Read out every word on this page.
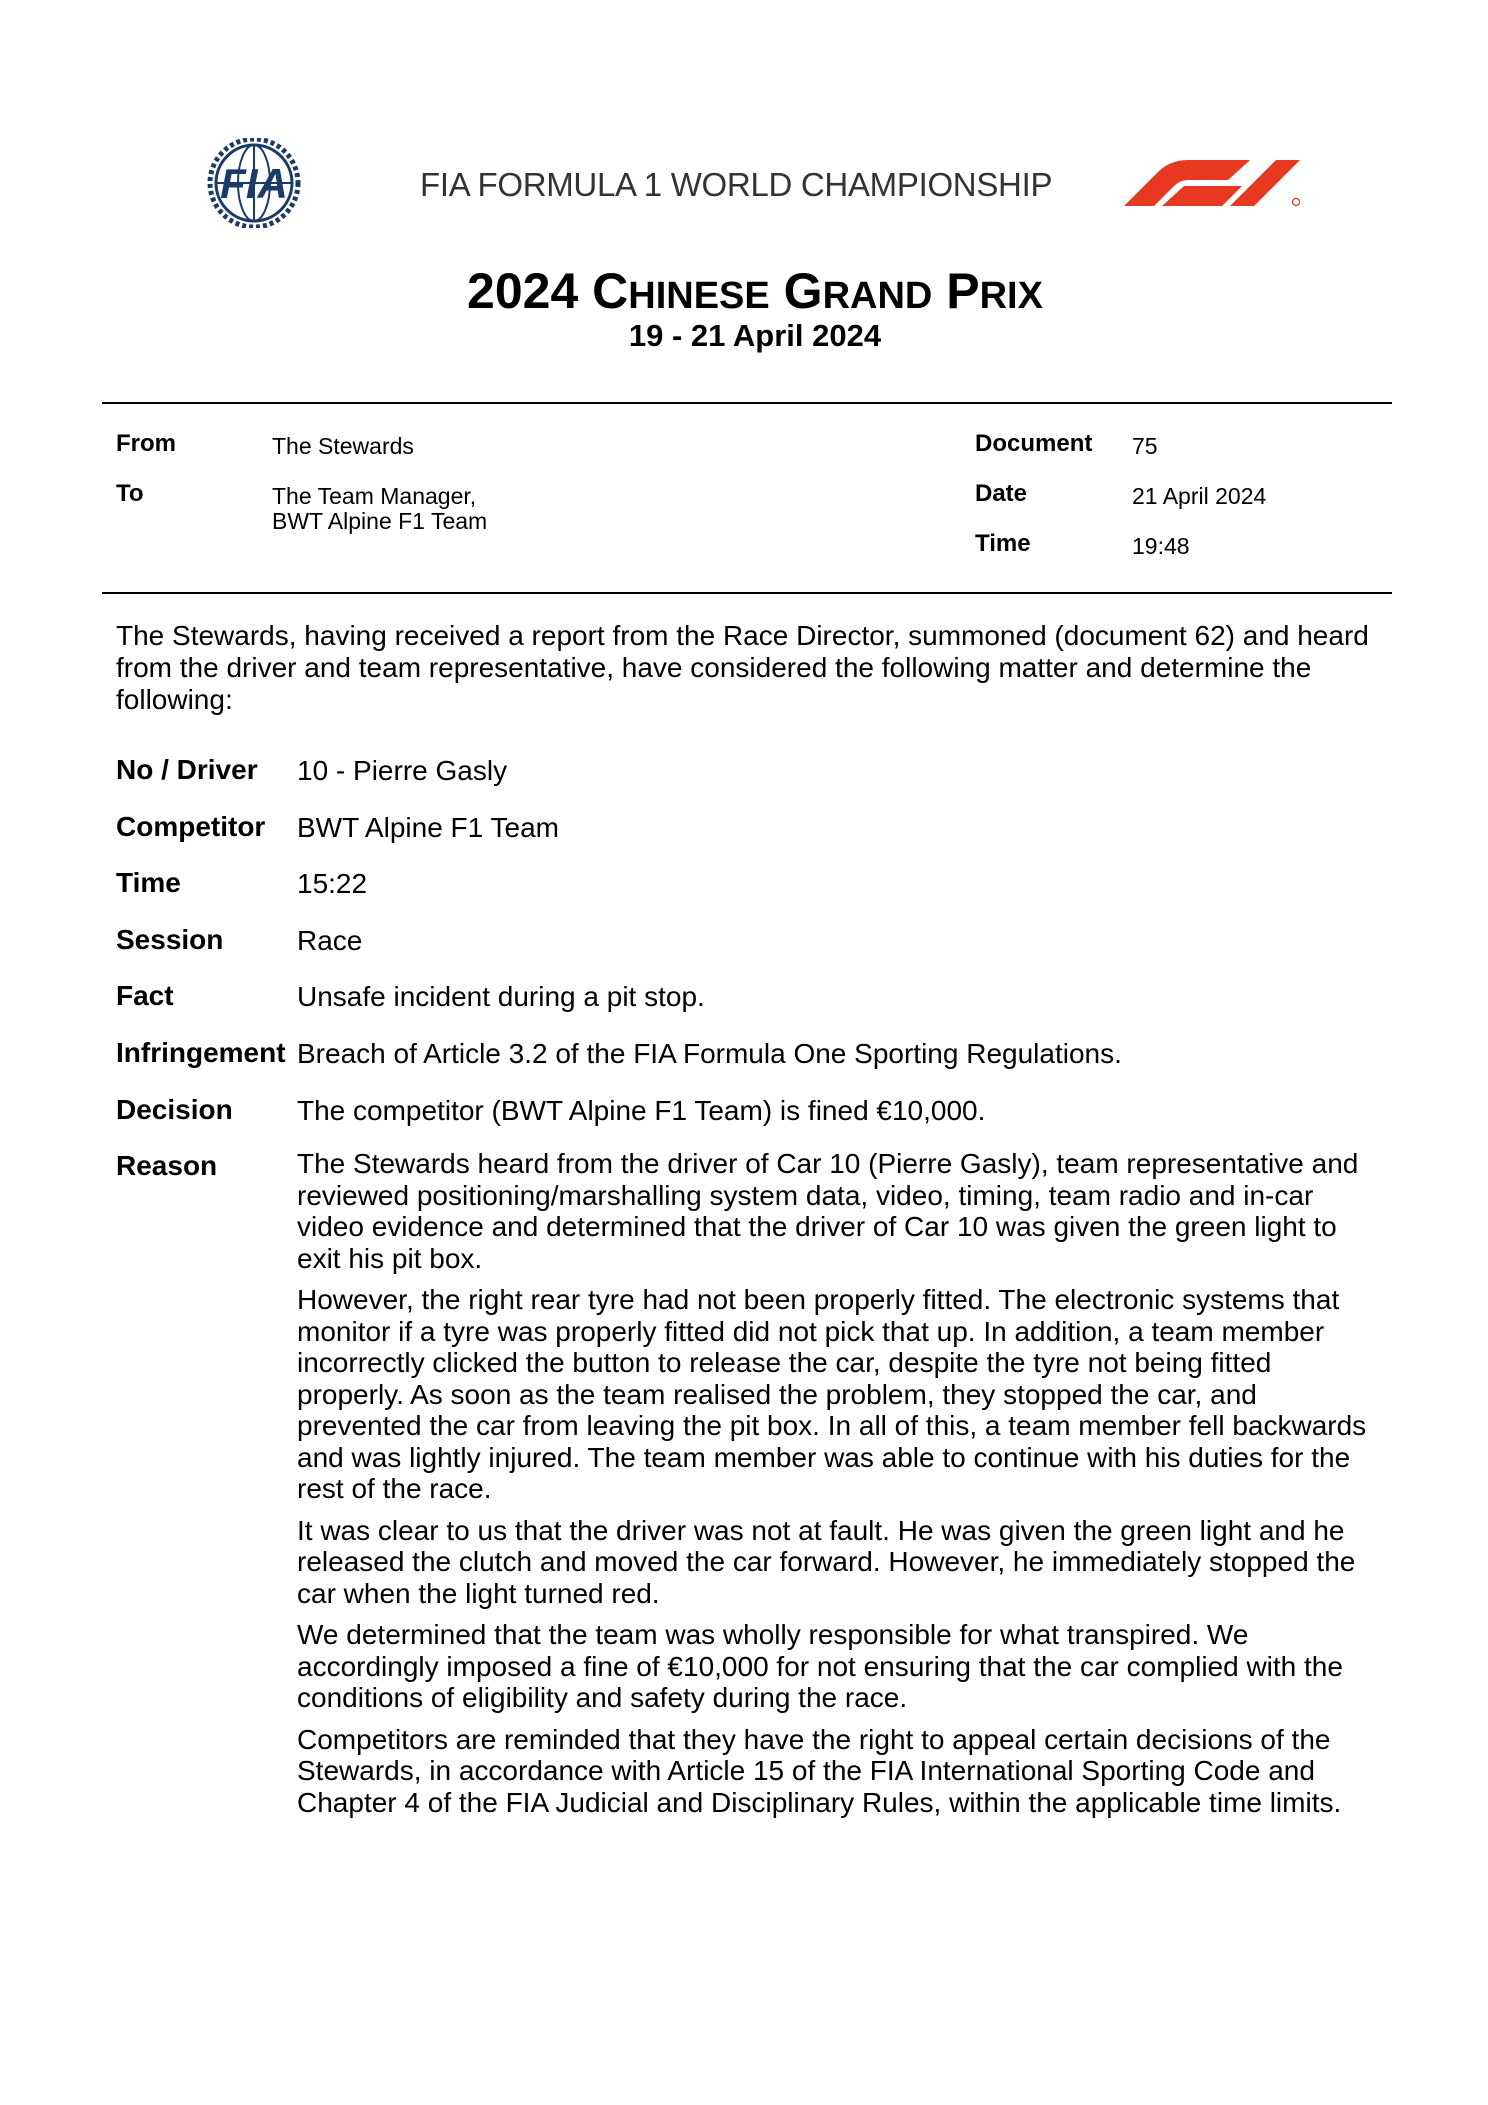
FIA	FIA FORMULA 1 WORLD CHAMPIONSHIP
2024 CHINESE GRAND PRIX
19 - 21 April 2024
From	The Stewards
To	The Team Manager,
BWT Alpine F1 Team
Document 75
Date	21 April 2024
Time	19:48
The Stewards, having received a report from the Race Director, summoned (document 62) and heard from the driver and team representative, have considered the following matter and determine the following:
No / Driver 10 - Pierre Gasly
Competitor BWT Alpine F1 Team
Time	15:22
Session	Race
Fact	Unsafe incident during a pit stop.
Infringement Breach of Article 3.2 of the FIA Formula One Sporting Regulations.
Decision The competitor (BWT Alpine F1 Team) is fined €10,000.
Reason	The Stewards heard from the driver of Car 10 (Pierre Gasly), team representative and reviewed positioning/marshalling system data, video, timing, team radio and in-car video evidence and determined that the driver of Car 10 was given the green light to exit his pit box.

However, the right rear tyre had not been properly fitted. The electronic systems that monitor if a tyre was properly fitted did not pick that up. In addition, a team member incorrectly clicked the button to release the car, despite the tyre not being fitted properly. As soon as the team realised the problem, they stopped the car, and prevented the car from leaving the pit box. In all of this, a team member fell backwards and was lightly injured. The team member was able to continue with his duties for the rest of the race.

It was clear to us that the driver was not at fault. He was given the green light and he released the clutch and moved the car forward. However, he immediately stopped the car when the light turned red.

We determined that the team was wholly responsible for what transpired. We accordingly imposed a fine of €10,000 for not ensuring that the car complied with the conditions of eligibility and safety during the race.

Competitors are reminded that they have the right to appeal certain decisions of the Stewards, in accordance with Article 15 of the FIA International Sporting Code and Chapter 4 of the FIA Judicial and Disciplinary Rules, within the applicable time limits.
